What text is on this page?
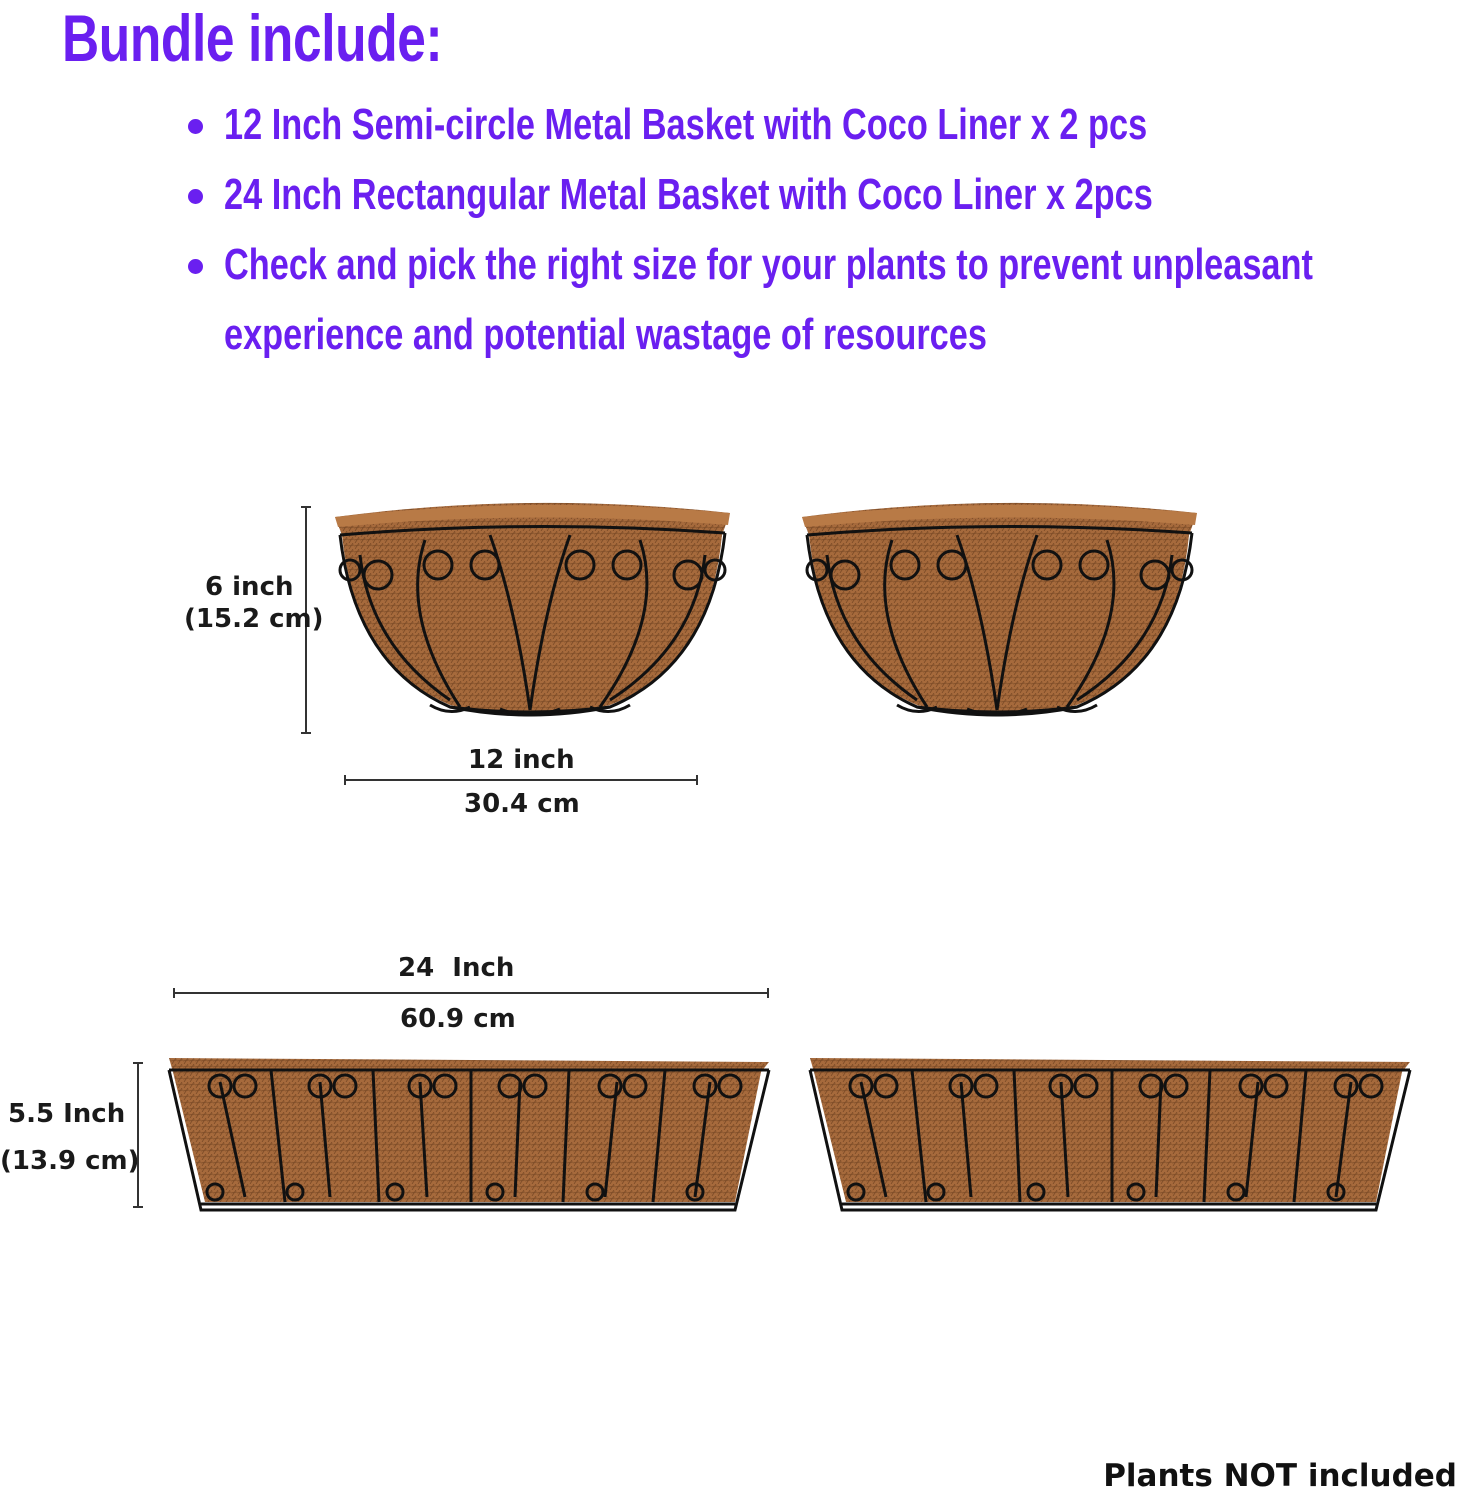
Bundle include:
12 Inch Semi-circle Metal Basket with Coco Liner x 2 pcs
24 Inch Rectangular Metal Basket with Coco Liner x 2pcs
Check and pick the right size for your plants to prevent unpleasant
experience and potential wastage of resources
6 inch
(15.2 cm)
12 inch
30.4 cm
24  Inch
60.9 cm
5.5 Inch
(13.9 cm)
Plants NOT included
